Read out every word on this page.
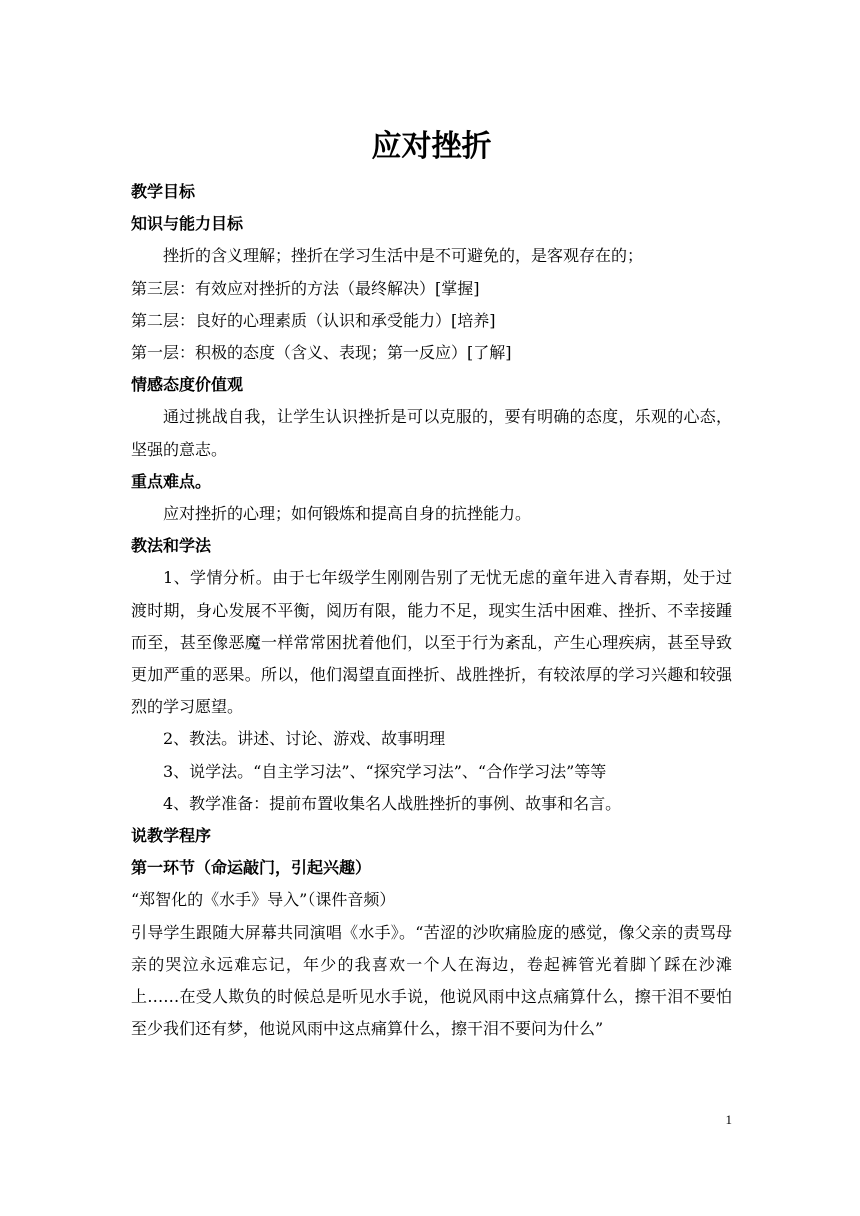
应对挫折

教学目标

知识与能力目标

挫折的含义理解；挫折在学习生活中是不可避免的，是客观存在的；

第三层：有效应对挫折的方法（最终解决）[掌握]

第二层：良好的心理素质（认识和承受能力）[培养]

第一层：积极的态度（含义、表现；第一反应）[了解]

情感态度价值观

通过挑战自我，让学生认识挫折是可以克服的，要有明确的态度，乐观的心态，坚强的意志。

重点难点。

应对挫折的心理；如何锻炼和提高自身的抗挫能力。

教法和学法

1、学情分析。由于七年级学生刚刚告别了无忧无虑的童年进入青春期，处于过渡时期，身心发展不平衡，阅历有限，能力不足，现实生活中困难、挫折、不幸接踵而至，甚至像恶魔一样常常困扰着他们，以至于行为紊乱，产生心理疾病，甚至导致更加严重的恶果。所以，他们渴望直面挫折、战胜挫折，有较浓厚的学习兴趣和较强烈的学习愿望。

2、教法。讲述、讨论、游戏、故事明理

3、说学法。“自主学习法”、“探究学习法”、“合作学习法”等等

4、教学准备：提前布置收集名人战胜挫折的事例、故事和名言。

说教学程序

第一环节（命运敲门，引起兴趣）

“郑智化的《水手》导入”（课件音频）

引导学生跟随大屏幕共同演唱《水手》。“苦涩的沙吹痛脸庞的感觉，像父亲的责骂母亲的哭泣永远难忘记，年少的我喜欢一个人在海边，卷起裤管光着脚丫踩在沙滩上……在受人欺负的时候总是听见水手说，他说风雨中这点痛算什么，擦干泪不要怕至少我们还有梦，他说风雨中这点痛算什么，擦干泪不要问为什么”

1
